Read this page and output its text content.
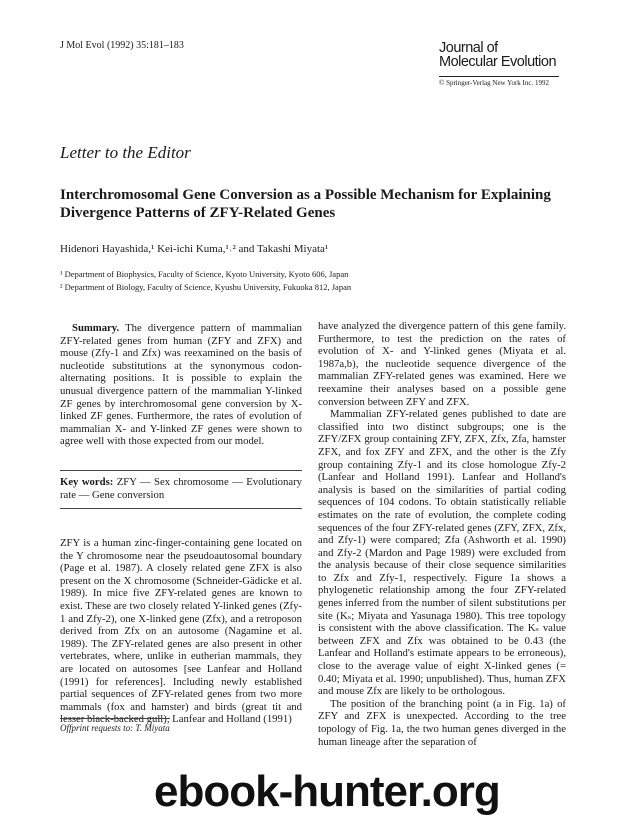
J Mol Evol (1992) 35:181–183	Journal of
Molecular Evolution
© Springer-Verlag New York Inc. 1992
Letter to the Editor
Interchromosomal Gene Conversion as a Possible Mechanism for Explaining Divergence Patterns of ZFY-Related Genes
Hidenori Hayashida,¹ Kei-ichi Kuma,¹˒² and Takashi Miyata¹
¹ Department of Biophysics, Faculty of Science, Kyoto University, Kyoto 606, Japan
² Department of Biology, Faculty of Science, Kyushu University, Fukuoka 812, Japan

Summary. The divergence pattern of mammalian ZFY-related genes from human (ZFY and ZFX) and mouse (Zfy-1 and Zfx) was reexamined on the basis of nucleotide substitutions at the synonymous codon-alternating positions. It is possible to explain the unusual divergence pattern of the mammalian Y-linked ZF genes by interchromosomal gene conversion by X-linked ZF genes. Furthermore, the rates of evolution of mammalian X- and Y-linked ZF genes were shown to agree well with those expected from our model.

Key words: ZFY — Sex chromosome — Evolutionary rate — Gene conversion

ZFY is a human zinc-finger-containing gene located on the Y chromosome near the pseudoautosomal boundary (Page et al. 1987). A closely related gene ZFX is also present on the X chromosome (Schneider-Gädicke et al. 1989). In mice five ZFY-related genes are known to exist. These are two closely related Y-linked genes (Zfy-1 and Zfy-2), one X-linked gene (Zfx), and a retroposon derived from Zfx on an autosome (Nagamine et al. 1989). The ZFY-related genes are also present in other vertebrates, where, unlike in eutherian mammals, they are located on autosomes [see Lanfear and Holland (1991) for references]. Including newly established partial sequences of ZFY-related genes from two more mammals (fox and hamster) and birds (great tit and lesser black-backed gull), Lanfear and Holland (1991)

have analyzed the divergence pattern of this gene family. Furthermore, to test the prediction on the rates of evolution of X- and Y-linked genes (Miyata et al. 1987a,b), the nucleotide sequence divergence of the mammalian ZFY-related genes was examined. Here we reexamine their analyses based on a possible gene conversion between ZFY and ZFX.

Mammalian ZFY-related genes published to date are classified into two distinct subgroups; one is the ZFY/ZFX group containing ZFY, ZFX, Zfx, Zfa, hamster ZFX, and fox ZFY and ZFX, and the other is the Zfy group containing Zfy-1 and its close homologue Zfy-2 (Lanfear and Holland 1991). Lanfear and Holland's analysis is based on the similarities of partial coding sequences of 104 codons. To obtain statistically reliable estimates on the rate of evolution, the complete coding sequences of the four ZFY-related genes (ZFY, ZFX, Zfx, and Zfy-1) were compared; Zfa (Ashworth et al. 1990) and Zfy-2 (Mardon and Page 1989) were excluded from the analysis because of their close sequence similarities to Zfx and Zfy-1, respectively. Figure 1a shows a phylogenetic relationship among the four ZFY-related genes inferred from the number of silent substitutions per site (Kₛ; Miyata and Yasunaga 1980). This tree topology is consistent with the above classification. The Kₛ value between ZFX and Zfx was obtained to be 0.43 (the Lanfear and Holland's estimate appears to be erroneous), close to the average value of eight X-linked genes (= 0.40; Miyata et al. 1990; unpublished). Thus, human ZFX and mouse Zfx are likely to be orthologous.

The position of the branching point (a in Fig. 1a) of ZFY and ZFX is unexpected. According to the tree topology of Fig. 1a, the two human genes diverged in the human lineage after the separation of

Offprint requests to: T. Miyata
ebook-hunter.org
